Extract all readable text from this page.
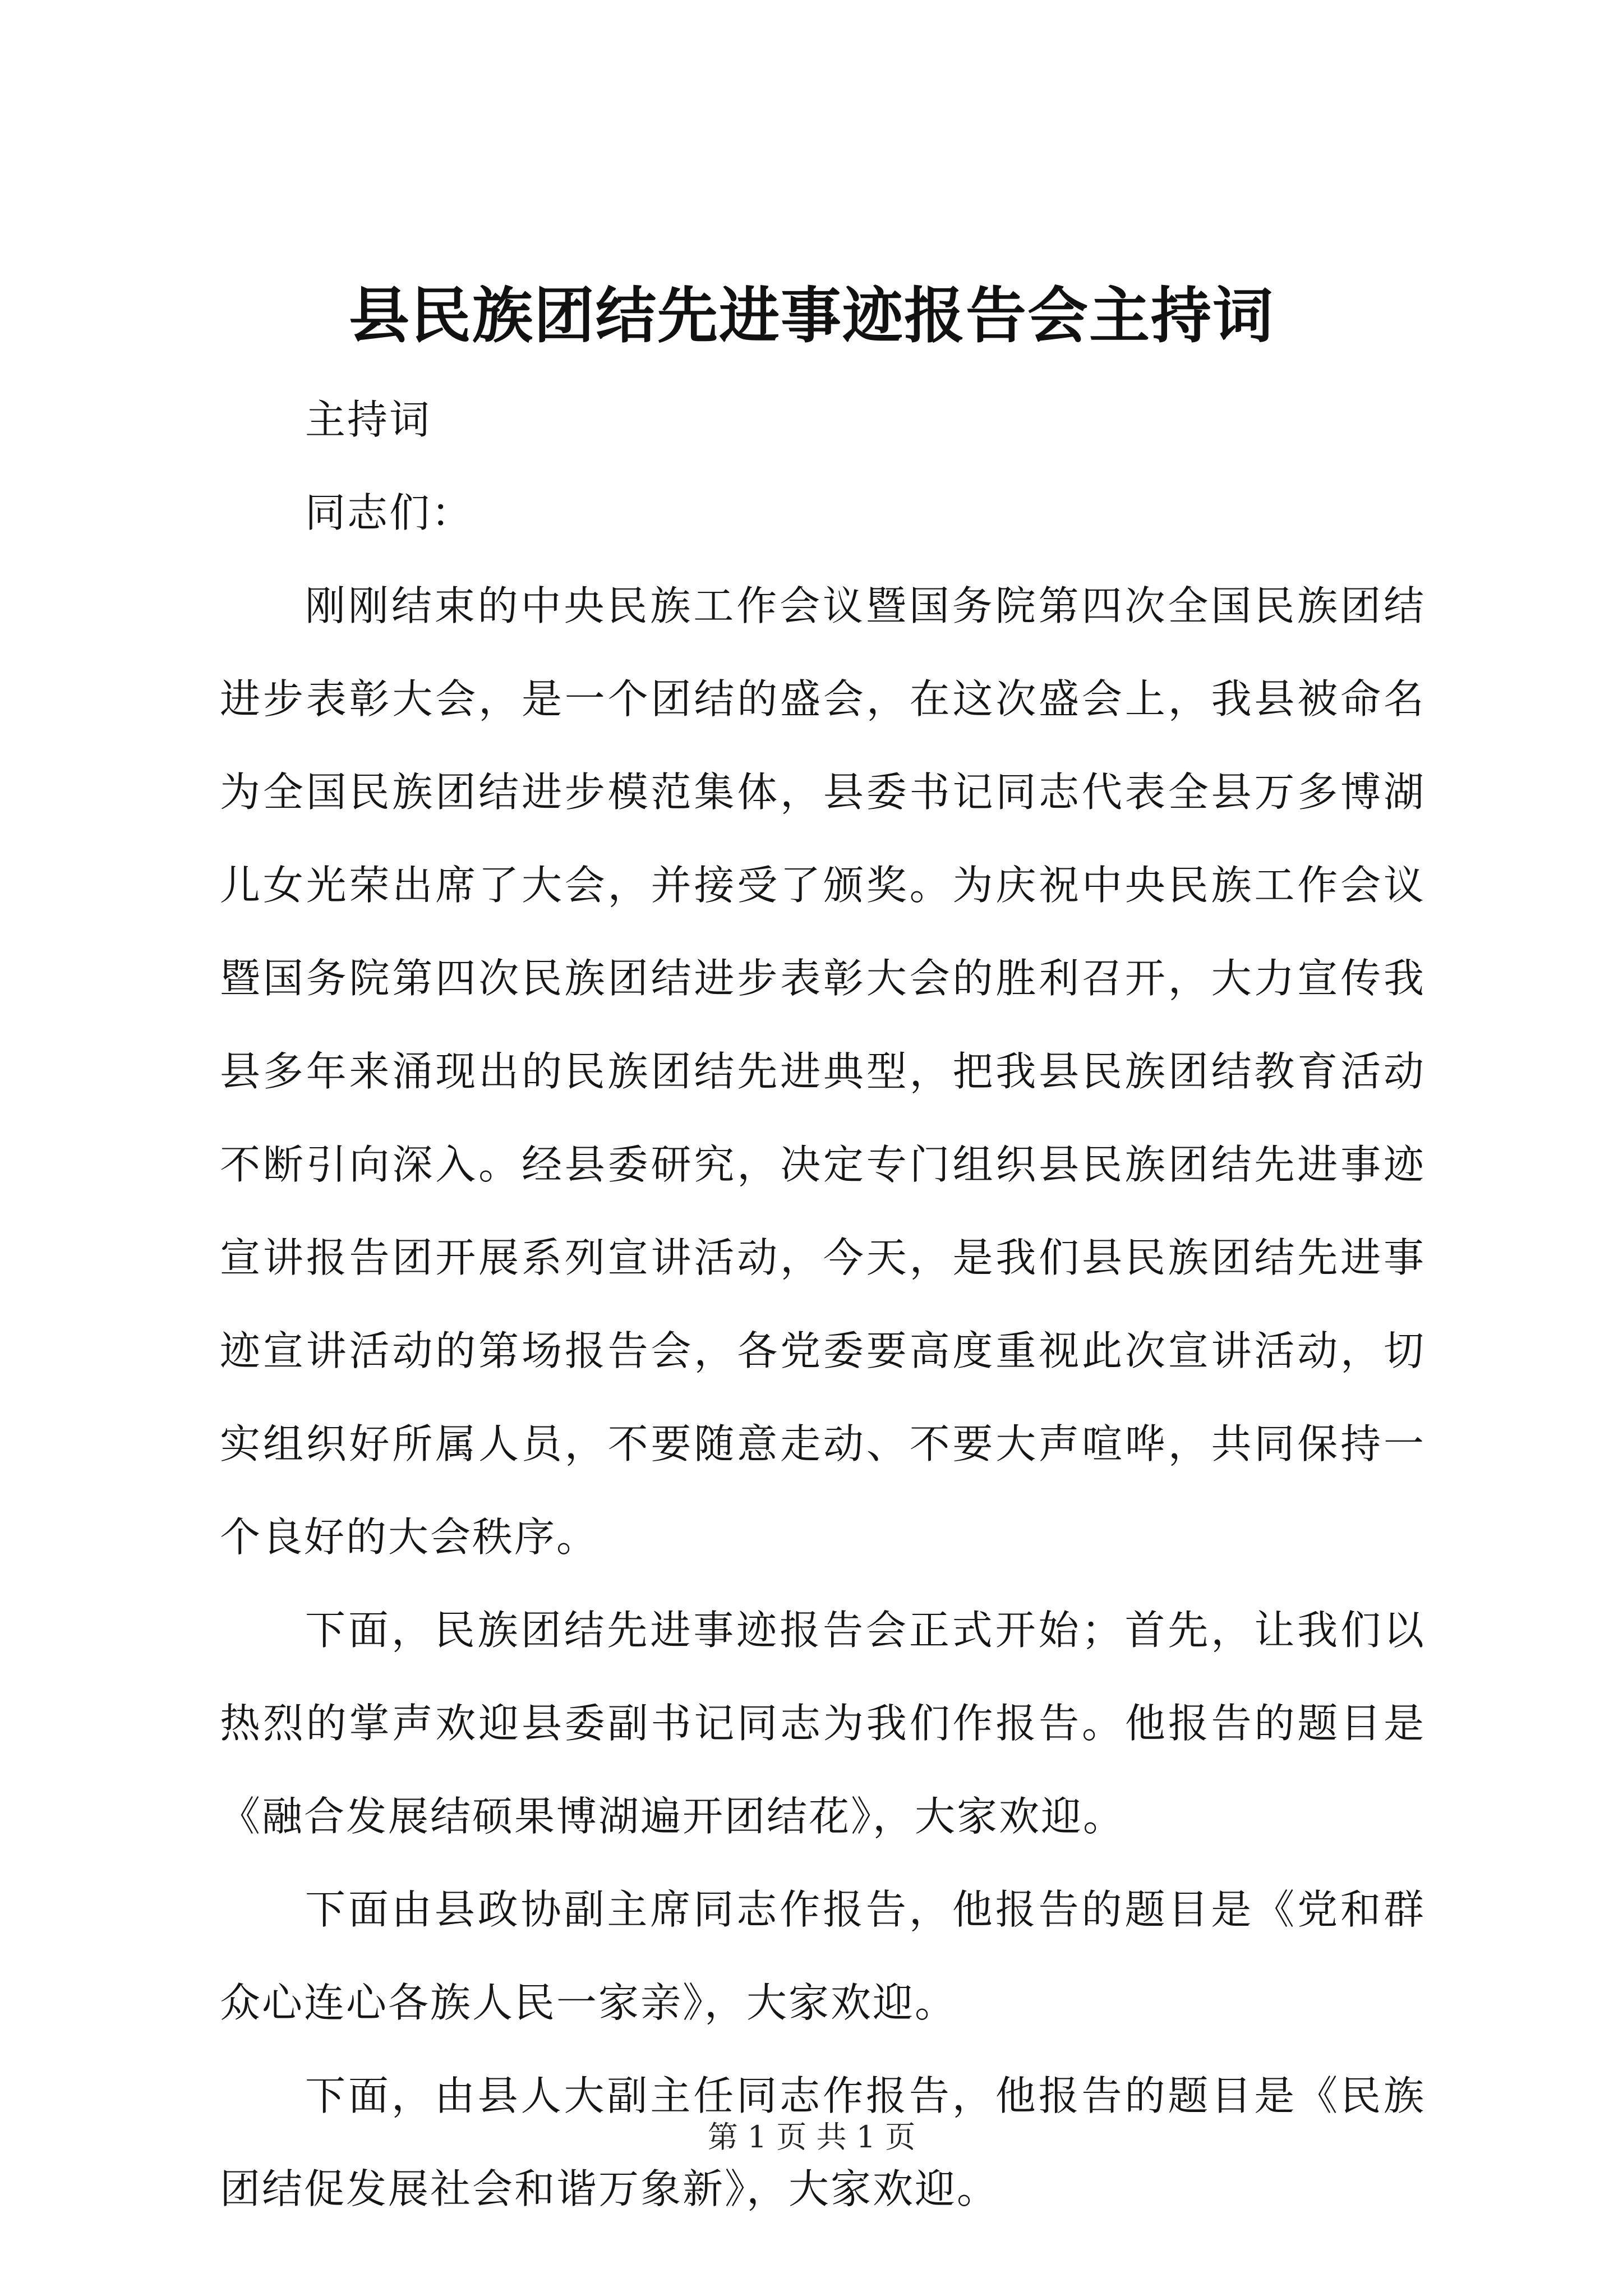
县民族团结先进事迹报告会主持词

主持词

同志们：

刚刚结束的中央民族工作会议暨国务院第四次全国民族团结进步表彰大会，是一个团结的盛会，在这次盛会上，我县被命名为全国民族团结进步模范集体，县委书记同志代表全县万多博湖儿女光荣出席了大会，并接受了颁奖。为庆祝中央民族工作会议暨国务院第四次民族团结进步表彰大会的胜利召开，大力宣传我县多年来涌现出的民族团结先进典型，把我县民族团结教育活动不断引向深入。经县委研究，决定专门组织县民族团结先进事迹宣讲报告团开展系列宣讲活动，今天，是我们县民族团结先进事迹宣讲活动的第场报告会，各党委要高度重视此次宣讲活动，切实组织好所属人员，不要随意走动、不要大声喧哗，共同保持一个良好的大会秩序。

下面，民族团结先进事迹报告会正式开始；首先，让我们以热烈的掌声欢迎县委副书记同志为我们作报告。他报告的题目是《融合发展结硕果博湖遍开团结花》，大家欢迎。

下面由县政协副主席同志作报告，他报告的题目是《党和群众心连心各族人民一家亲》，大家欢迎。

下面，由县人大副主任同志作报告，他报告的题目是《民族团结促发展社会和谐万象新》，大家欢迎。

第 1 页 共 1 页
